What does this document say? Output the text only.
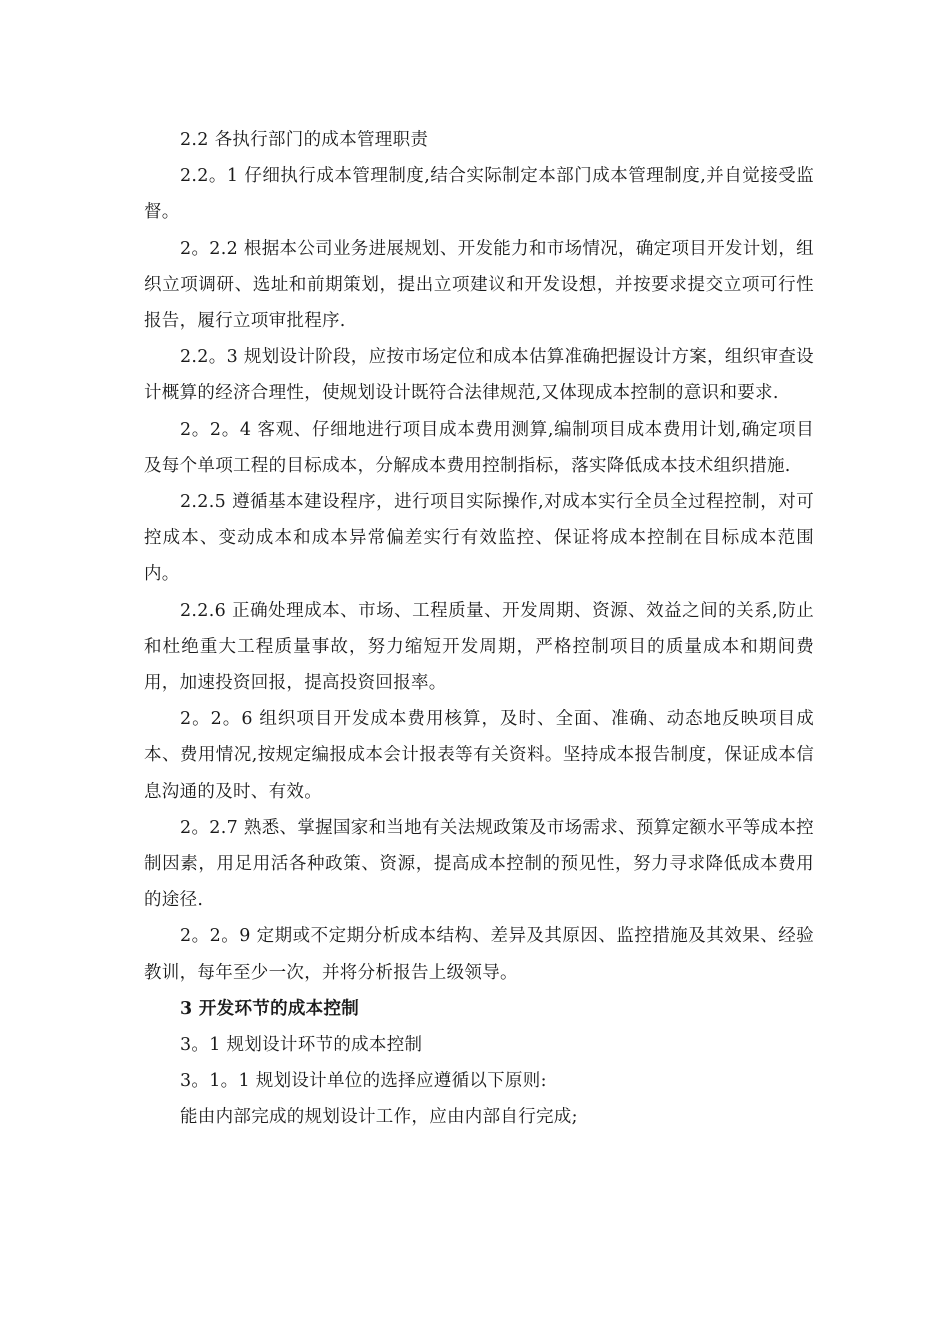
2.2 各执行部门的成本管理职责

2.2。1 仔细执行成本管理制度,结合实际制定本部门成本管理制度,并自觉接受监督。

2。2.2 根据本公司业务进展规划、开发能力和市场情况，确定项目开发计划，组织立项调研、选址和前期策划，提出立项建议和开发设想，并按要求提交立项可行性报告，履行立项审批程序.

2.2。3 规划设计阶段，应按市场定位和成本估算准确把握设计方案，组织审查设计概算的经济合理性，使规划设计既符合法律规范,又体现成本控制的意识和要求.

2。2。4 客观、仔细地进行项目成本费用测算,编制项目成本费用计划,确定项目及每个单项工程的目标成本，分解成本费用控制指标，落实降低成本技术组织措施.

2.2.5 遵循基本建设程序，进行项目实际操作,对成本实行全员全过程控制，对可控成本、变动成本和成本异常偏差实行有效监控、保证将成本控制在目标成本范围内。

2.2.6 正确处理成本、市场、工程质量、开发周期、资源、效益之间的关系,防止和杜绝重大工程质量事故，努力缩短开发周期，严格控制项目的质量成本和期间费用，加速投资回报，提高投资回报率。

2。2。6 组织项目开发成本费用核算，及时、全面、准确、动态地反映项目成本、费用情况,按规定编报成本会计报表等有关资料。坚持成本报告制度，保证成本信息沟通的及时、有效。

2。2.7 熟悉、掌握国家和当地有关法规政策及市场需求、预算定额水平等成本控制因素，用足用活各种政策、资源，提高成本控制的预见性，努力寻求降低成本费用的途径.

2。2。9 定期或不定期分析成本结构、差异及其原因、监控措施及其效果、经验教训，每年至少一次，并将分析报告上级领导。

3 开发环节的成本控制

3。1 规划设计环节的成本控制

3。1。1 规划设计单位的选择应遵循以下原则:

能由内部完成的规划设计工作，应由内部自行完成;
